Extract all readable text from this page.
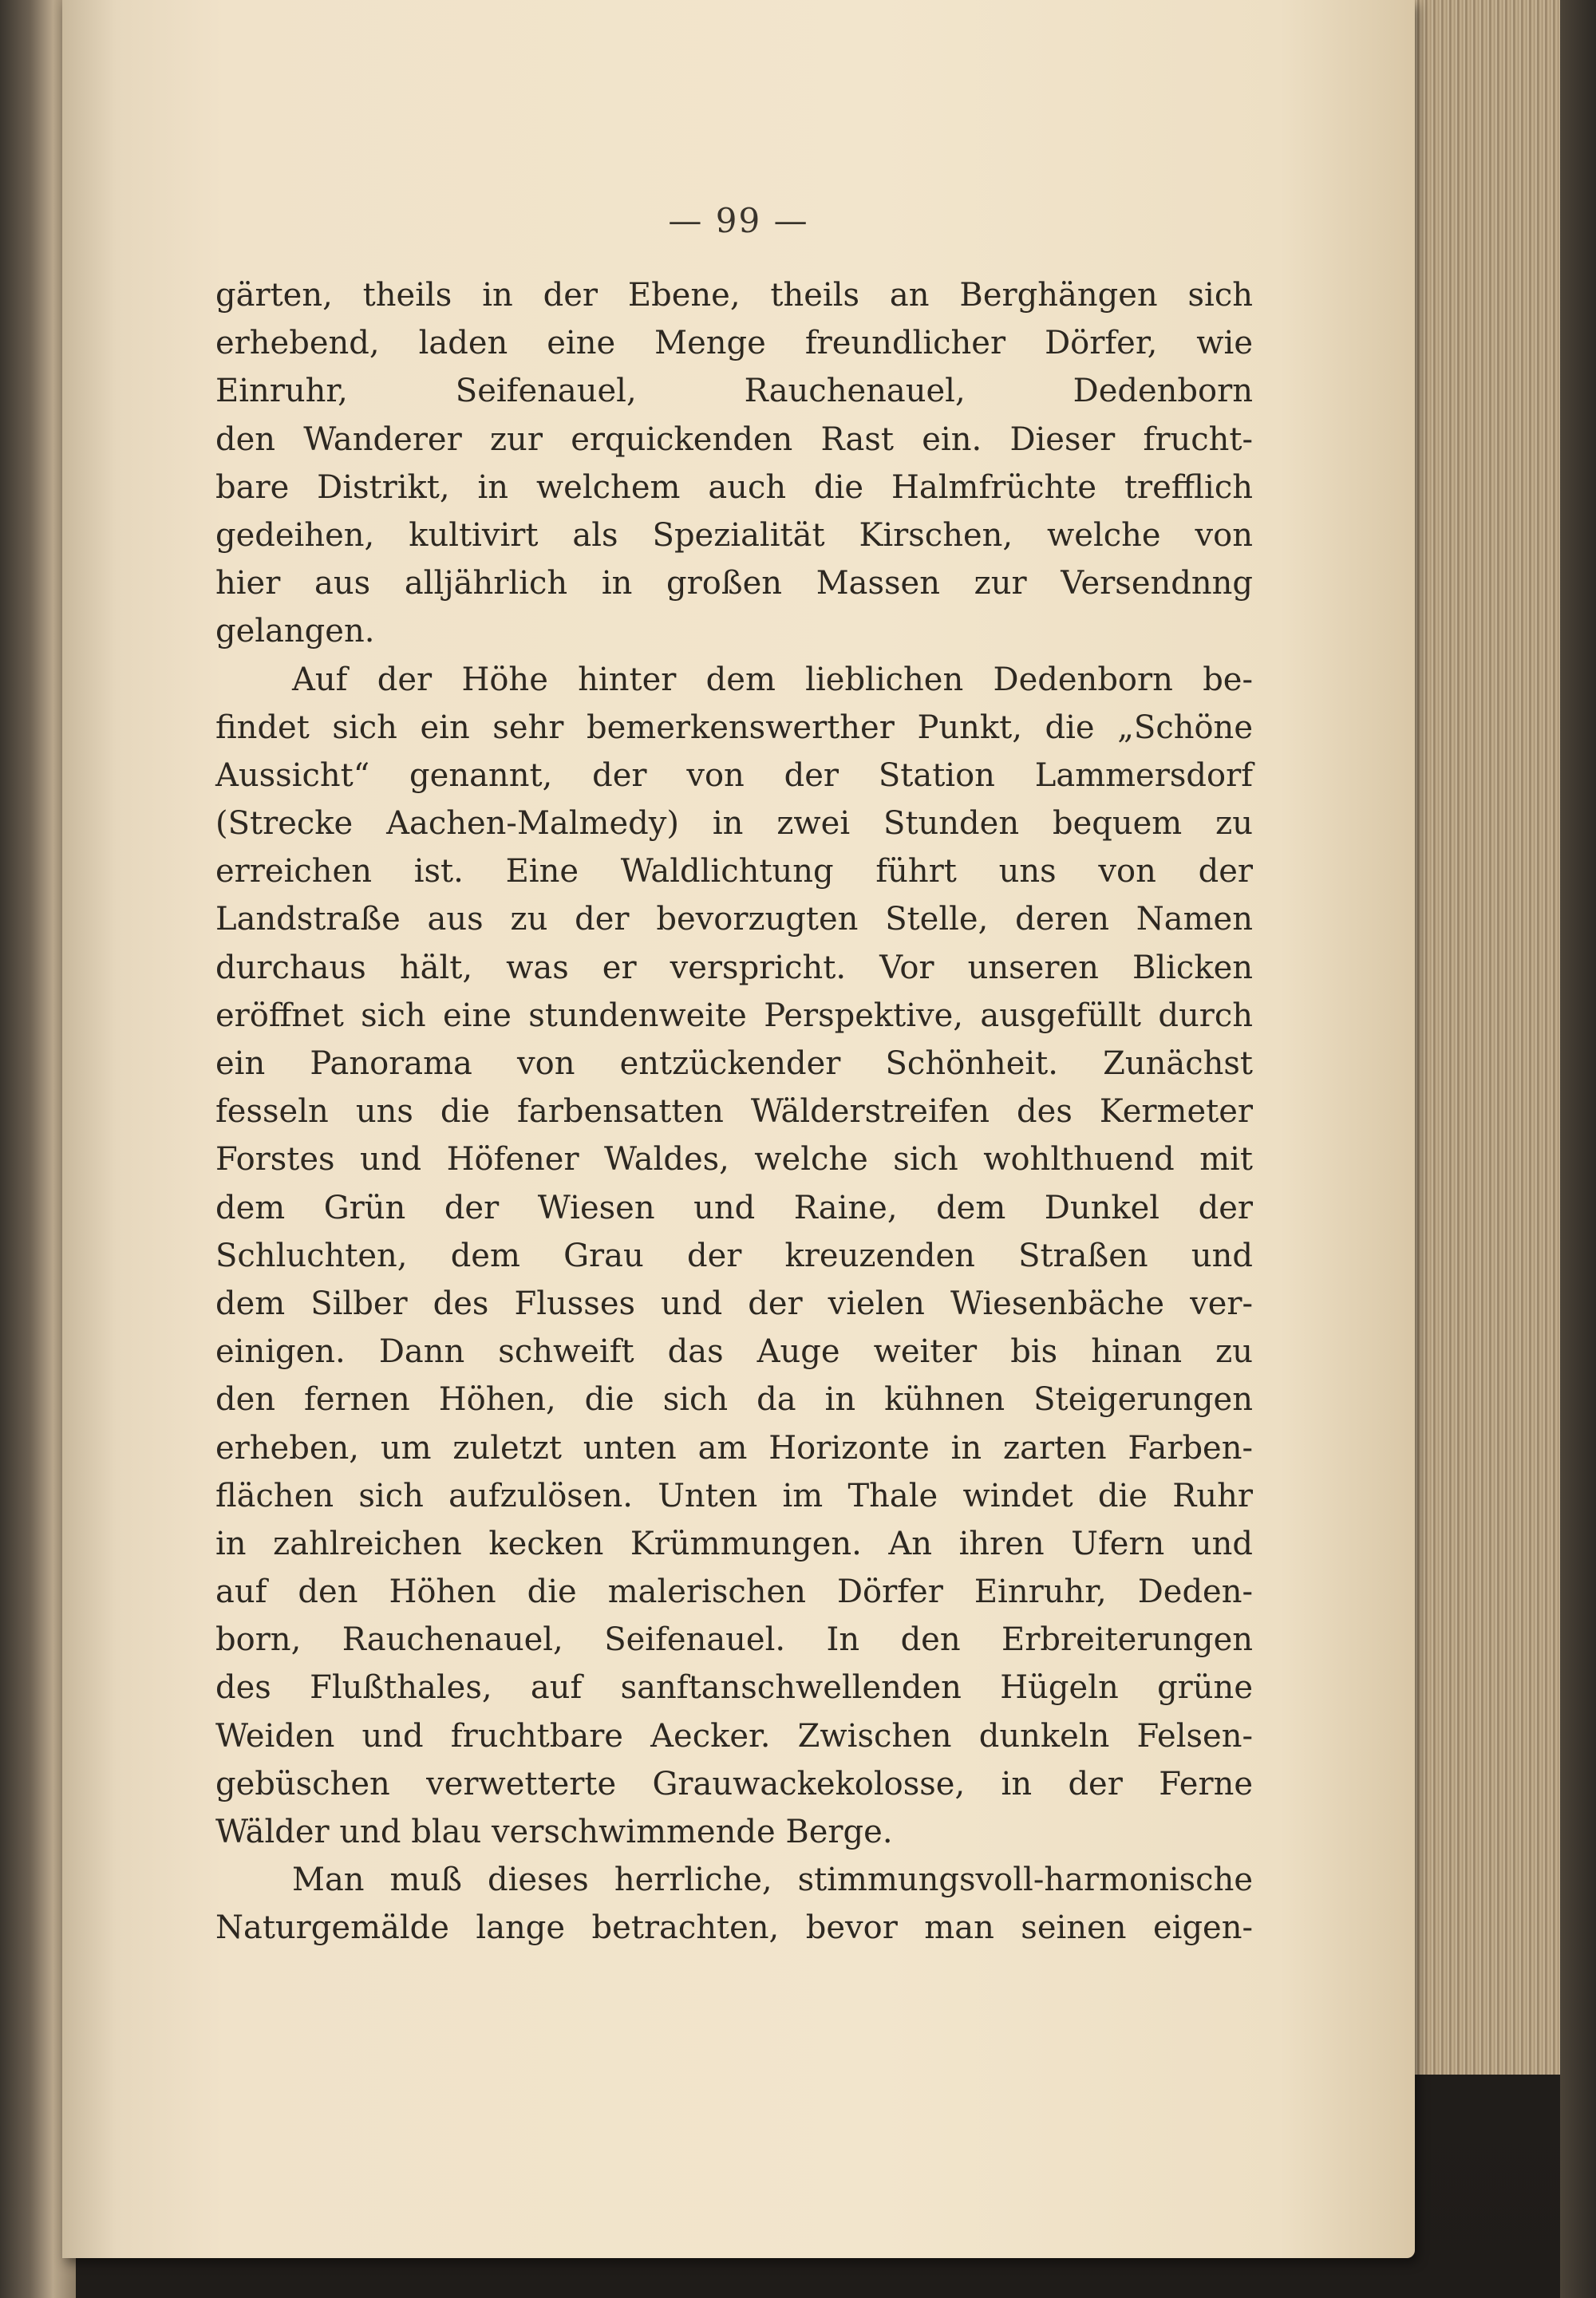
— 99 —
gärten, theils in der Ebene, theils an Berghängen sich
erhebend, laden eine Menge freundlicher Dörfer, wie
Einruhr, Seifenauel, Rauchenauel, Dedenborn
den Wanderer zur erquickenden Rast ein. Dieser frucht-
bare Distrikt, in welchem auch die Halmfrüchte trefflich
gedeihen, kultivirt als Spezialität Kirschen, welche von
hier aus alljährlich in großen Massen zur Versendnng
gelangen.
Auf der Höhe hinter dem lieblichen Dedenborn be-
findet sich ein sehr bemerkenswerther Punkt, die „Schöne
Aussicht“ genannt, der von der Station Lammersdorf
(Strecke Aachen-Malmedy) in zwei Stunden bequem zu
erreichen ist. Eine Waldlichtung führt uns von der
Landstraße aus zu der bevorzugten Stelle, deren Namen
durchaus hält, was er verspricht. Vor unseren Blicken
eröffnet sich eine stundenweite Perspektive, ausgefüllt durch
ein Panorama von entzückender Schönheit. Zunächst
fesseln uns die farbensatten Wälderstreifen des Kermeter
Forstes und Höfener Waldes, welche sich wohlthuend mit
dem Grün der Wiesen und Raine, dem Dunkel der
Schluchten, dem Grau der kreuzenden Straßen und
dem Silber des Flusses und der vielen Wiesenbäche ver-
einigen. Dann schweift das Auge weiter bis hinan zu
den fernen Höhen, die sich da in kühnen Steigerungen
erheben, um zuletzt unten am Horizonte in zarten Farben-
flächen sich aufzulösen. Unten im Thale windet die Ruhr
in zahlreichen kecken Krümmungen. An ihren Ufern und
auf den Höhen die malerischen Dörfer Einruhr, Deden-
born, Rauchenauel, Seifenauel. In den Erbreiterungen
des Flußthales, auf sanftanschwellenden Hügeln grüne
Weiden und fruchtbare Aecker. Zwischen dunkeln Felsen-
gebüschen verwetterte Grauwackekolosse, in der Ferne
Wälder und blau verschwimmende Berge.
Man muß dieses herrliche, stimmungsvoll-harmonische
Naturgemälde lange betrachten, bevor man seinen eigen-
